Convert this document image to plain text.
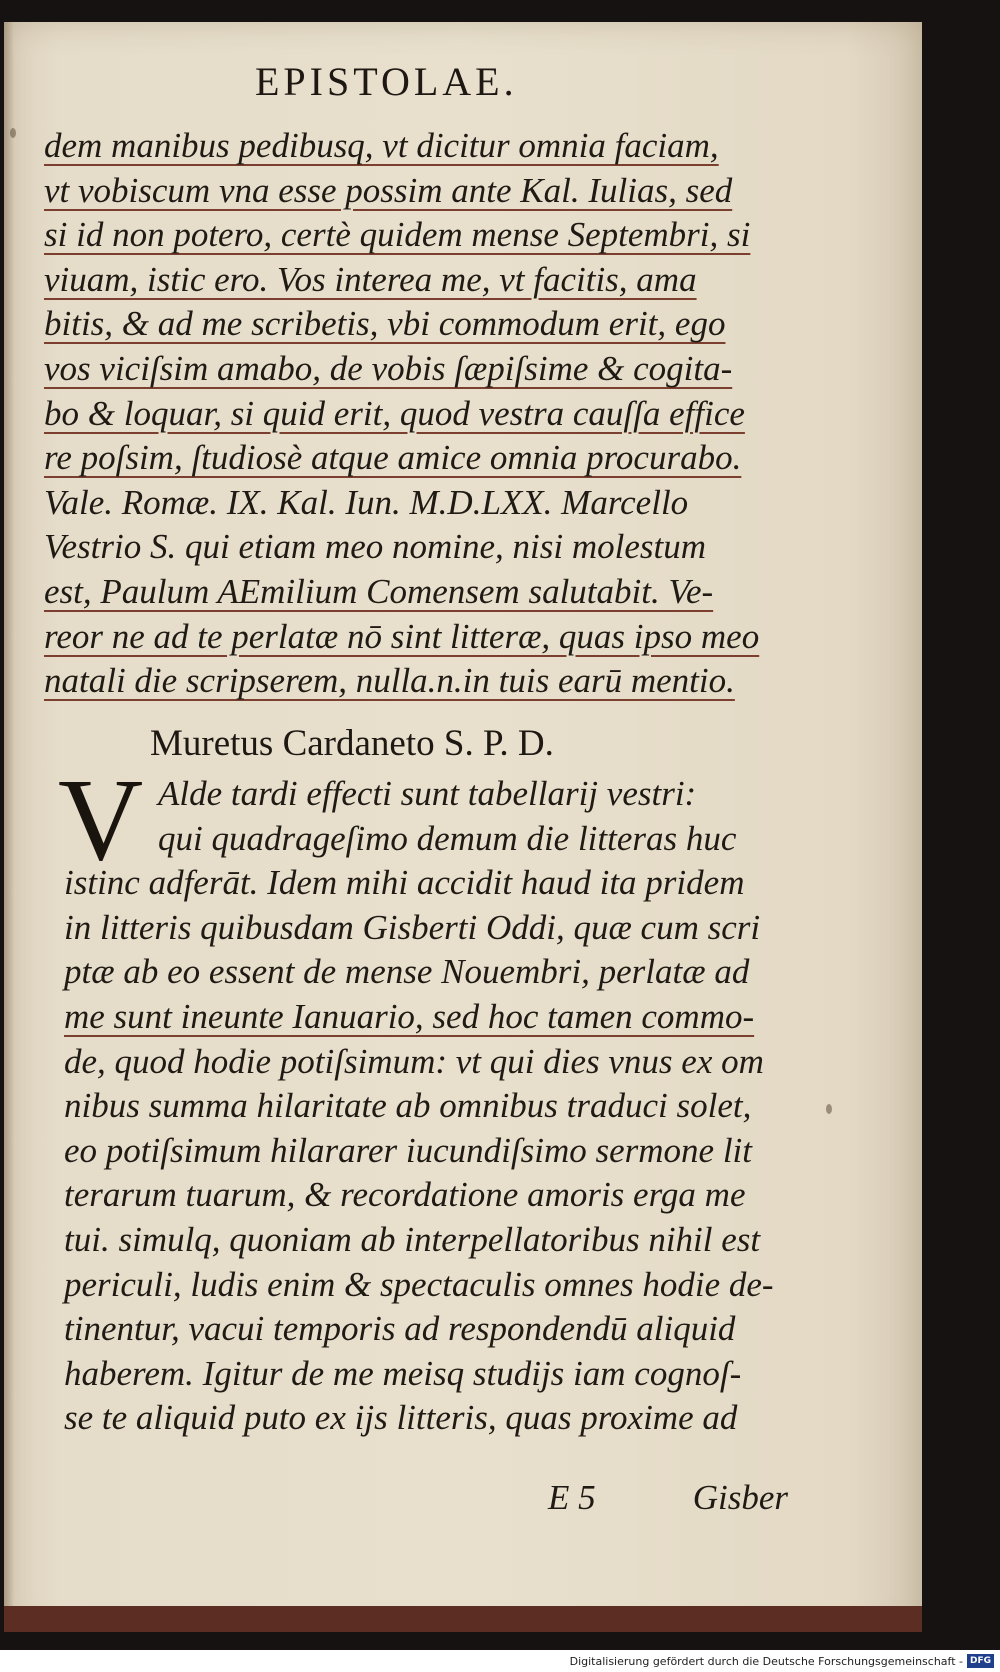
EPISTOLAE.
dem manibus pedibusq, vt dicitur omnia faciam,
vt vobiscum vna esse possim ante Kal. Iulias, sed
si id non potero, certè quidem mense Septembri, si
viuam, istic ero. Vos interea me, vt facitis, ama
bitis, & ad me scribetis, vbi commodum erit, ego
vos viciſsim amabo, de vobis ſæpiſsime & cogita-
bo & loquar, si quid erit, quod vestra cauſſa effice
re poſsim, ſtudiosè atque amice omnia procurabo.
Vale. Romæ. IX. Kal. Iun. M.D.LXX. Marcello
Vestrio S. qui etiam meo nomine, nisi molestum
est, Paulum AEmilium Comensem salutabit. Ve-
reor ne ad te perlatæ nō sint litteræ, quas ipso meo
natali die scripserem, nulla.n.in tuis earū mentio.
Muretus Cardaneto S. P. D.
V Alde tardi effecti sunt tabellarij vestri:
qui quadrageſimo demum die litteras huc
istinc adferāt. Idem mihi accidit haud ita pridem
in litteris quibusdam Gisberti Oddi, quæ cum scri
ptæ ab eo essent de mense Nouembri, perlatæ ad
me sunt ineunte Ianuario, sed hoc tamen commo-
de, quod hodie potiſsimum: vt qui dies vnus ex om
nibus summa hilaritate ab omnibus traduci solet,
eo potiſsimum hilararer iucundiſsimo sermone lit
terarum tuarum, & recordatione amoris erga me
tui. simulq, quoniam ab interpellatoribus nihil est
periculi, ludis enim & spectaculis omnes hodie de-
tinentur, vacui temporis ad respondendū aliquid
haberem. Igitur de me meisq studijs iam cognoſ-
se te aliquid puto ex ijs litteris, quas proxime ad
E 5	Gisber
Digitalisierung gefördert durch die Deutsche Forschungsgemeinschaft - DFG
